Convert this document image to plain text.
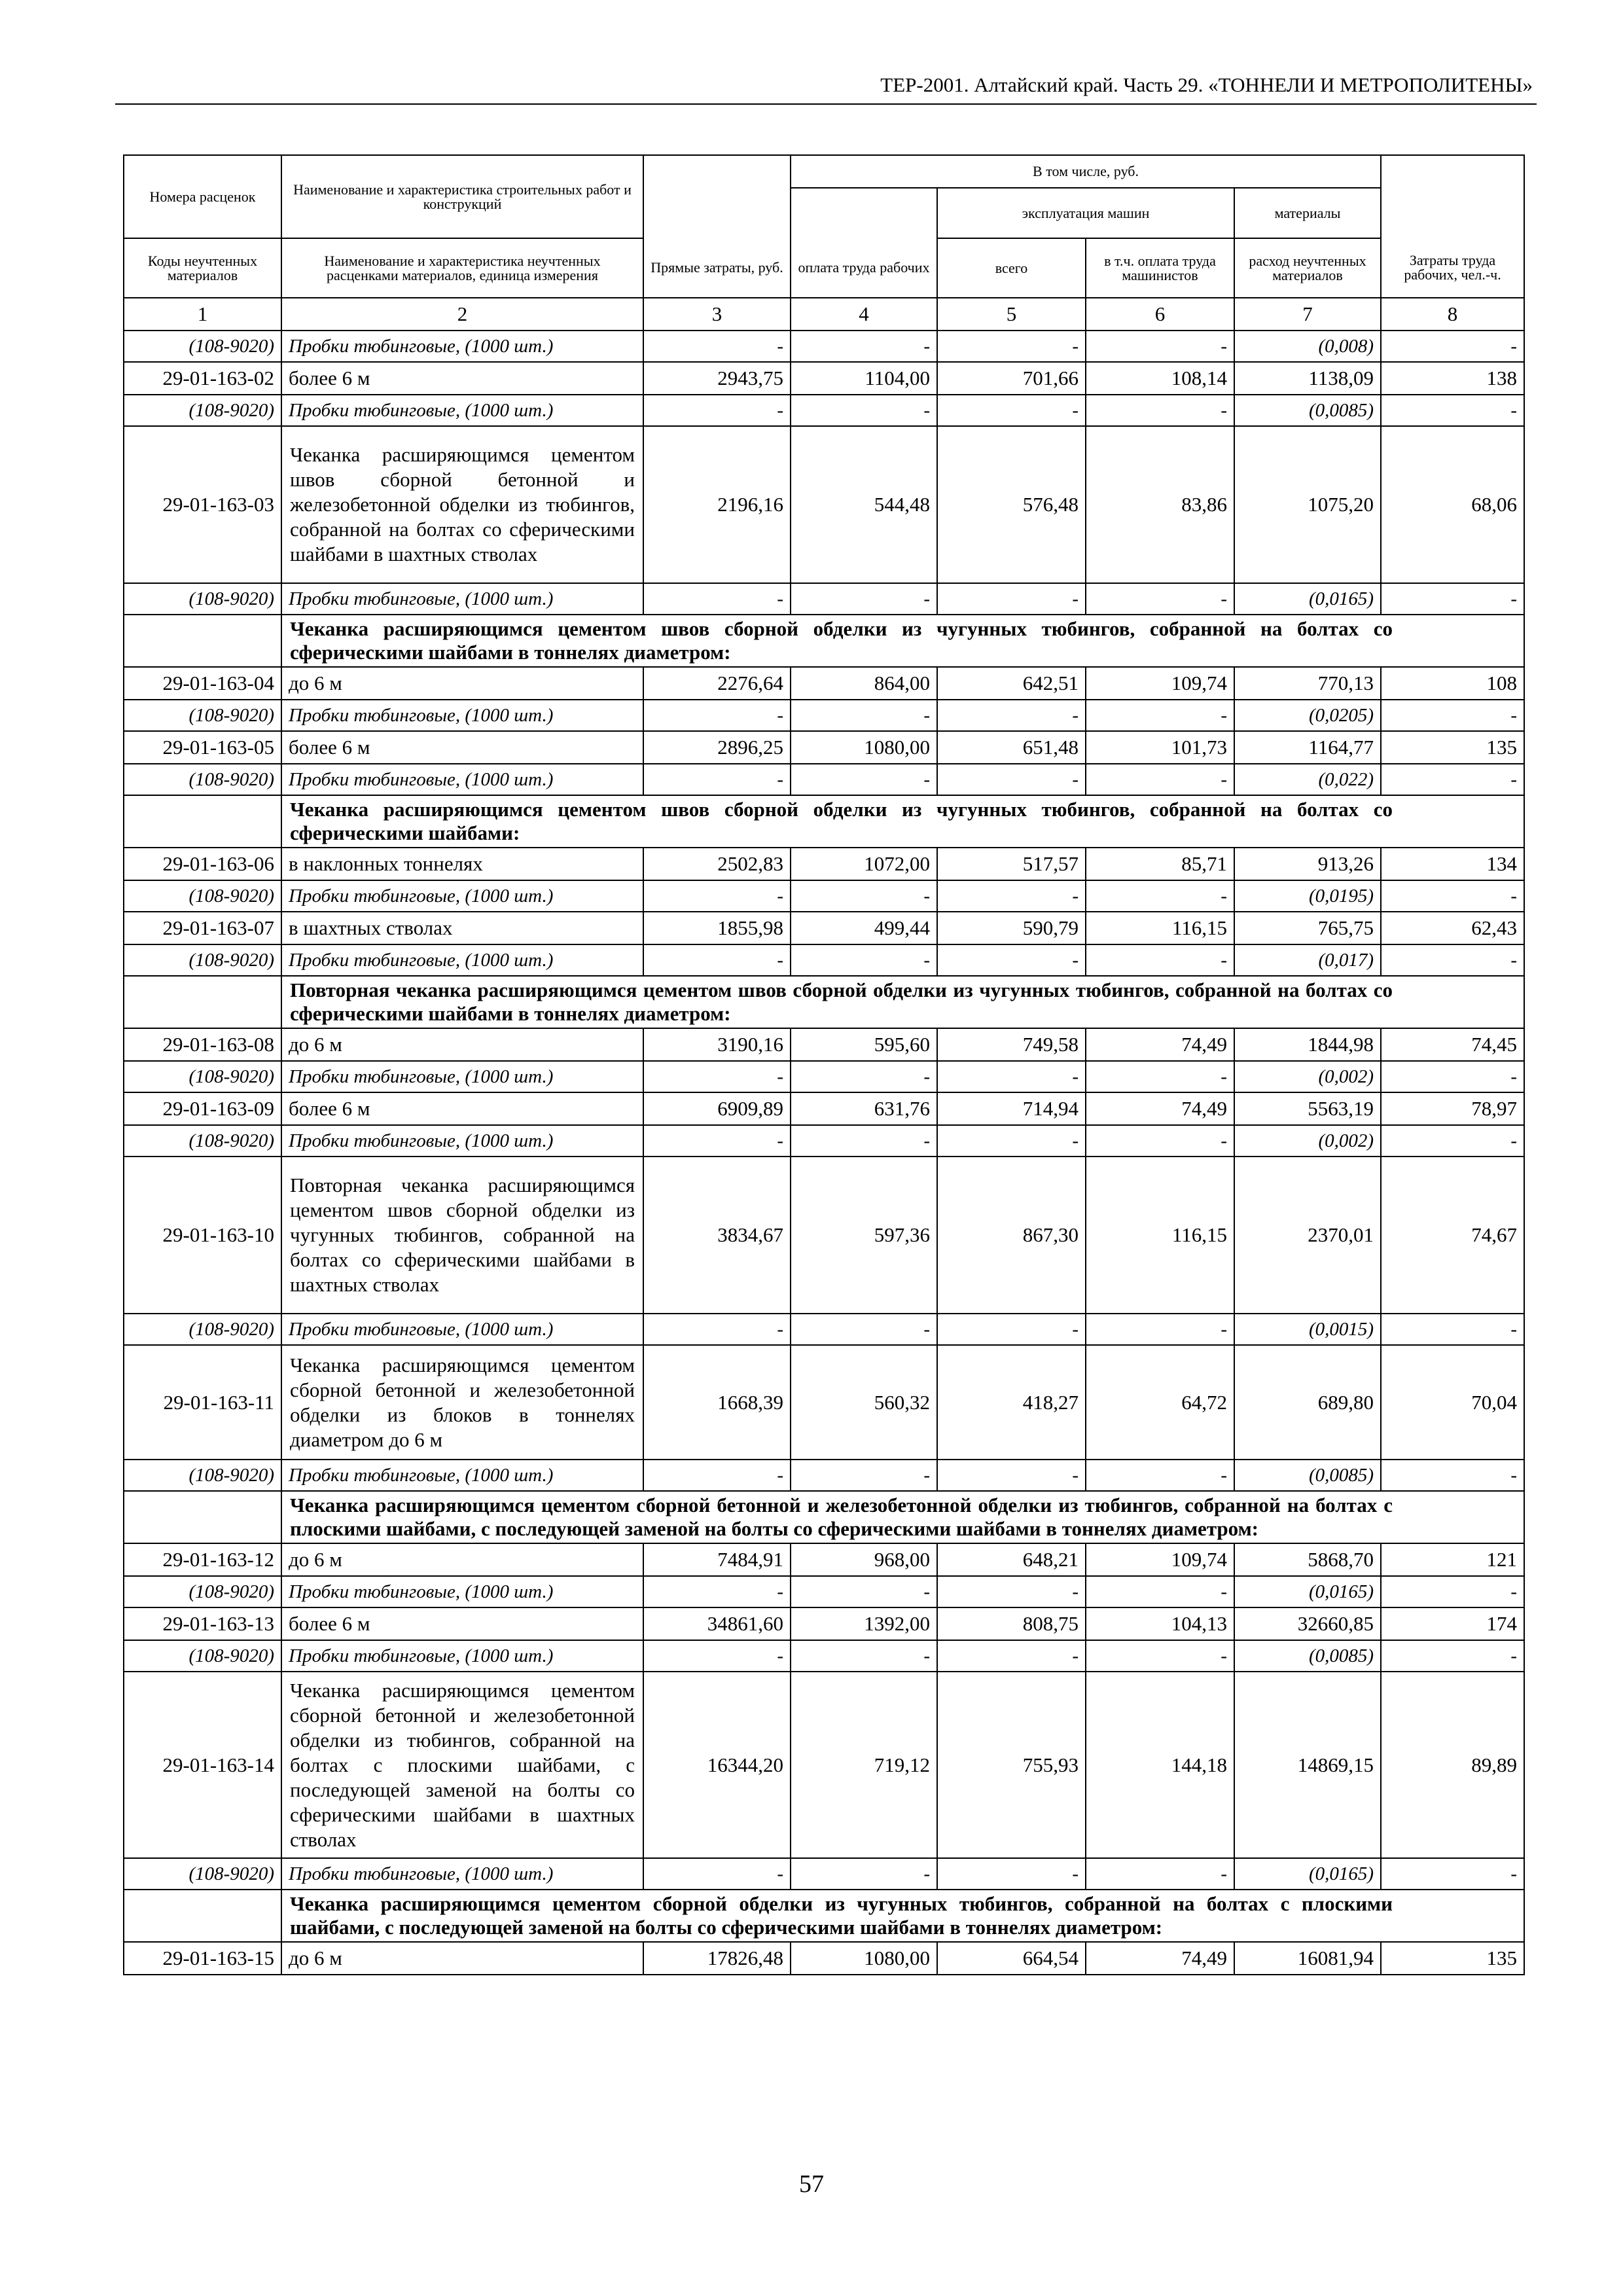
ТЕР-2001. Алтайский край. Часть 29. «ТОННЕЛИ И МЕТРОПОЛИТЕНЫ»
Номера расценок	Наименование и характеристика строительных работ и конструкций		В том числе, руб.				
				эксплуатация машин		материалы	
Коды неучтенных материалов	Наименование и характеристика неучтенных расценками материалов, единица измерения	Прямые затраты, руб.	оплата труда рабочих	всего	в т.ч. оплата труда машинистов	расход неучтенных материалов	Затраты труда рабочих, чел.-ч.
1	2	3	4	5	6	7	8
(108-9020)	Пробки тюбинговые, (1000 шт.)	-	-	-	-	(0,008)	-
29-01-163-02	более 6 м	2943,75	1104,00	701,66	108,14	1138,09	138
(108-9020)	Пробки тюбинговые, (1000 шт.)	-	-	-	-	(0,0085)	-
29-01-163-03	Чеканка расширяющимся цементом швов сборной бетонной и железобетонной обделки из тюбингов, собранной на болтах со сферическими шайбами в шахтных стволах	2196,16	544,48	576,48	83,86	1075,20	68,06
(108-9020)	Пробки тюбинговые, (1000 шт.)	-	-	-	-	(0,0165)	-
	Чеканка расширяющимся цементом швов сборной обделки из чугунных тюбингов, собранной на болтах со сферическими шайбами в тоннелях диаметром:						
29-01-163-04	до 6 м	2276,64	864,00	642,51	109,74	770,13	108
(108-9020)	Пробки тюбинговые, (1000 шт.)	-	-	-	-	(0,0205)	-
29-01-163-05	более 6 м	2896,25	1080,00	651,48	101,73	1164,77	135
(108-9020)	Пробки тюбинговые, (1000 шт.)	-	-	-	-	(0,022)	-
	Чеканка расширяющимся цементом швов сборной обделки из чугунных тюбингов, собранной на болтах со сферическими шайбами:						
29-01-163-06	в наклонных тоннелях	2502,83	1072,00	517,57	85,71	913,26	134
(108-9020)	Пробки тюбинговые, (1000 шт.)	-	-	-	-	(0,0195)	-
29-01-163-07	в шахтных стволах	1855,98	499,44	590,79	116,15	765,75	62,43
(108-9020)	Пробки тюбинговые, (1000 шт.)	-	-	-	-	(0,017)	-
	Повторная чеканка расширяющимся цементом швов сборной обделки из чугунных тюбингов, собранной на болтах со сферическими шайбами в тоннелях диаметром:						
29-01-163-08	до 6 м	3190,16	595,60	749,58	74,49	1844,98	74,45
(108-9020)	Пробки тюбинговые, (1000 шт.)	-	-	-	-	(0,002)	-
29-01-163-09	более 6 м	6909,89	631,76	714,94	74,49	5563,19	78,97
(108-9020)	Пробки тюбинговые, (1000 шт.)	-	-	-	-	(0,002)	-
29-01-163-10	Повторная чеканка расширяющимся цементом швов сборной обделки из чугунных тюбингов, собранной на болтах со сферическими шайбами в шахтных стволах	3834,67	597,36	867,30	116,15	2370,01	74,67
(108-9020)	Пробки тюбинговые, (1000 шт.)	-	-	-	-	(0,0015)	-
29-01-163-11	Чеканка расширяющимся цементом сборной бетонной и железобетонной обделки из блоков в тоннелях диаметром до 6 м	1668,39	560,32	418,27	64,72	689,80	70,04
(108-9020)	Пробки тюбинговые, (1000 шт.)	-	-	-	-	(0,0085)	-
	Чеканка расширяющимся цементом сборной бетонной и железобетонной обделки из тюбингов, собранной на болтах с плоскими шайбами, с последующей заменой на болты со сферическими шайбами в тоннелях диаметром:						
29-01-163-12	до 6 м	7484,91	968,00	648,21	109,74	5868,70	121
(108-9020)	Пробки тюбинговые, (1000 шт.)	-	-	-	-	(0,0165)	-
29-01-163-13	более 6 м	34861,60	1392,00	808,75	104,13	32660,85	174
(108-9020)	Пробки тюбинговые, (1000 шт.)	-	-	-	-	(0,0085)	-
29-01-163-14	Чеканка расширяющимся цементом сборной бетонной и железобетонной обделки из тюбингов, собранной на болтах с плоскими шайбами, с последующей заменой на болты со сферическими шайбами в шахтных стволах	16344,20	719,12	755,93	144,18	14869,15	89,89
(108-9020)	Пробки тюбинговые, (1000 шт.)	-	-	-	-	(0,0165)	-
	Чеканка расширяющимся цементом сборной обделки из чугунных тюбингов, собранной на болтах с плоскими шайбами, с последующей заменой на болты со сферическими шайбами в тоннелях диаметром:						
29-01-163-15	до 6 м	17826,48	1080,00	664,54	74,49	16081,94	135
57
